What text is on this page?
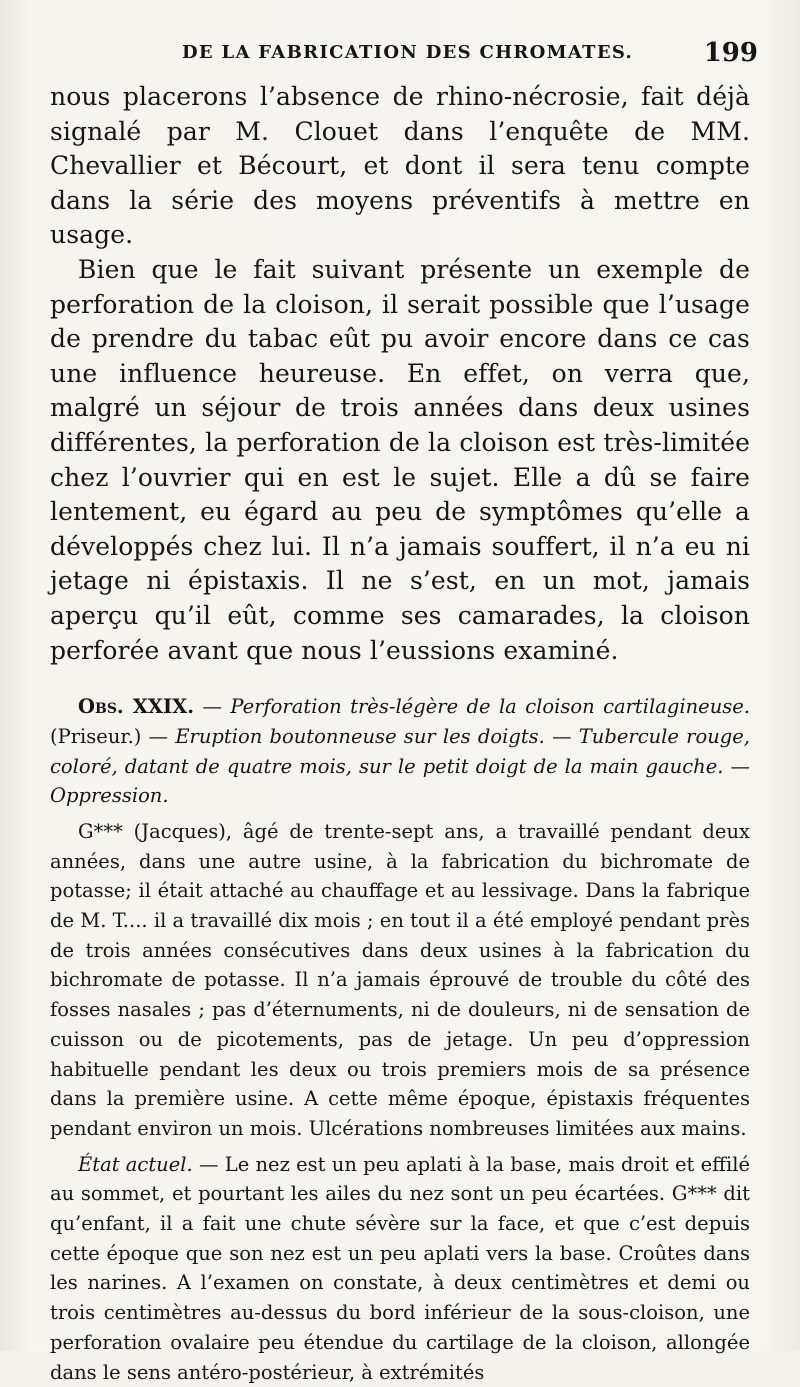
DE LA FABRICATION DES CHROMATES.	199

nous placerons l’absence de rhino-nécrosie, fait déjà signalé par M. Clouet dans l’enquête de MM. Chevallier et Bécourt, et dont il sera tenu compte dans la série des moyens préventifs à mettre en usage.

Bien que le fait suivant présente un exemple de perforation de la cloison, il serait possible que l’usage de prendre du tabac eût pu avoir encore dans ce cas une influence heureuse. En effet, on verra que, malgré un séjour de trois années dans deux usines différentes, la perforation de la cloison est très-limitée chez l’ouvrier qui en est le sujet. Elle a dû se faire lentement, eu égard au peu de symptômes qu’elle a développés chez lui. Il n’a jamais souffert, il n’a eu ni jetage ni épistaxis. Il ne s’est, en un mot, jamais aperçu qu’il eût, comme ses camarades, la cloison perforée avant que nous l’eussions examiné.

Obs. XXIX. — Perforation très-légère de la cloison cartilagineuse. (Priseur.) — Eruption boutonneuse sur les doigts. — Tubercule rouge, coloré, datant de quatre mois, sur le petit doigt de la main gauche. — Oppression.

G*** (Jacques), âgé de trente-sept ans, a travaillé pendant deux années, dans une autre usine, à la fabrication du bichromate de potasse; il était attaché au chauffage et au lessivage. Dans la fabrique de M. T.... il a travaillé dix mois ; en tout il a été employé pendant près de trois années consécutives dans deux usines à la fabrication du bichromate de potasse. Il n’a jamais éprouvé de trouble du côté des fosses nasales ; pas d’éternuments, ni de douleurs, ni de sensation de cuisson ou de picotements, pas de jetage. Un peu d’oppression habituelle pendant les deux ou trois premiers mois de sa présence dans la première usine. A cette même époque, épistaxis fréquentes pendant environ un mois. Ulcérations nombreuses limitées aux mains.

État actuel. — Le nez est un peu aplati à la base, mais droit et effilé au sommet, et pourtant les ailes du nez sont un peu écartées. G*** dit qu’enfant, il a fait une chute sévère sur la face, et que c’est depuis cette époque que son nez est un peu aplati vers la base. Croûtes dans les narines. A l’examen on constate, à deux centimètres et demi ou trois centimètres au-dessus du bord inférieur de la sous-cloison, une perforation ovalaire peu étendue du cartilage de la cloison, allongée dans le sens antéro-postérieur, à extrémités
